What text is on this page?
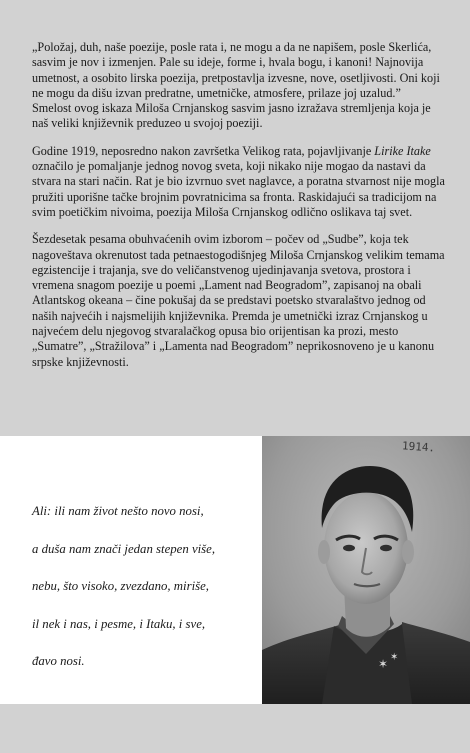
„Položaj, duh, naše poezije, posle rata i, ne mogu a da ne napišem, posle Skerlića, sasvim je nov i izmenjen. Pale su ideje, forme i, hvala bogu, i kanoni! Najnovija umetnost, a osobito lirska poezija, pretpostavlja izvesne, nove, osetljivosti. Oni koji ne mogu da dišu izvan predratne, umetničke, atmosfere, prilaze joj uzalud.”

Smelost ovog iskaza Miloša Crnjanskog sasvim jasno izražava stremljenja koja je naš veliki književnik preduzeo u svojoj poeziji.

Godine 1919, neposredno nakon završetka Velikog rata, pojavljivanje Lirike Itake označilo je pomaljanje jednog novog sveta, koji nikako nije mogao da nastavi da stvara na stari način. Rat je bio izvrnuo svet naglavce, a poratna stvarnost nije mogla pružiti uporišne tačke brojnim povratnicima sa fronta. Raskidajući sa tradicijom na svim poetičkim nivoima, poezija Miloša Crnjanskog odlično oslikava taj svet.

Šezdesetak pesama obuhvaćenih ovim izborom – počev od „Sudbe”, koja tek nagoveštava okrenutost tada petnaestogodišnjeg Miloša Crnjanskog velikim temama egzistencije i trajanja, sve do veličanstvenog ujedinjavanja svetova, prostora i vremena snagom poezije u poemi „Lament nad Beogradom”, zapisanoj na obali Atlantskog okeana – čine pokušaj da se predstavi poetsko stvaralaštvo jednog od naših najvećih i najsmelijih književnika. Premda je umetnički izraz Crnjanskog u najvećem delu njegovog stvaralačkog opusa bio orijentisan ka prozi, mesto „Sumatre”, „Stražilova” i „Lamenta nad Beogradom” neprikosnoveno je u kanonu srpske književnosti.

Ali: ili nam život nešto novo nosi,
a duša nam znači jedan stepen više,
nebu, što visoko, zvezdano, miriše,
il nek i nas, i pesme, i Itaku, i sve,
đavo nosi.	✶ ✶
1914.
